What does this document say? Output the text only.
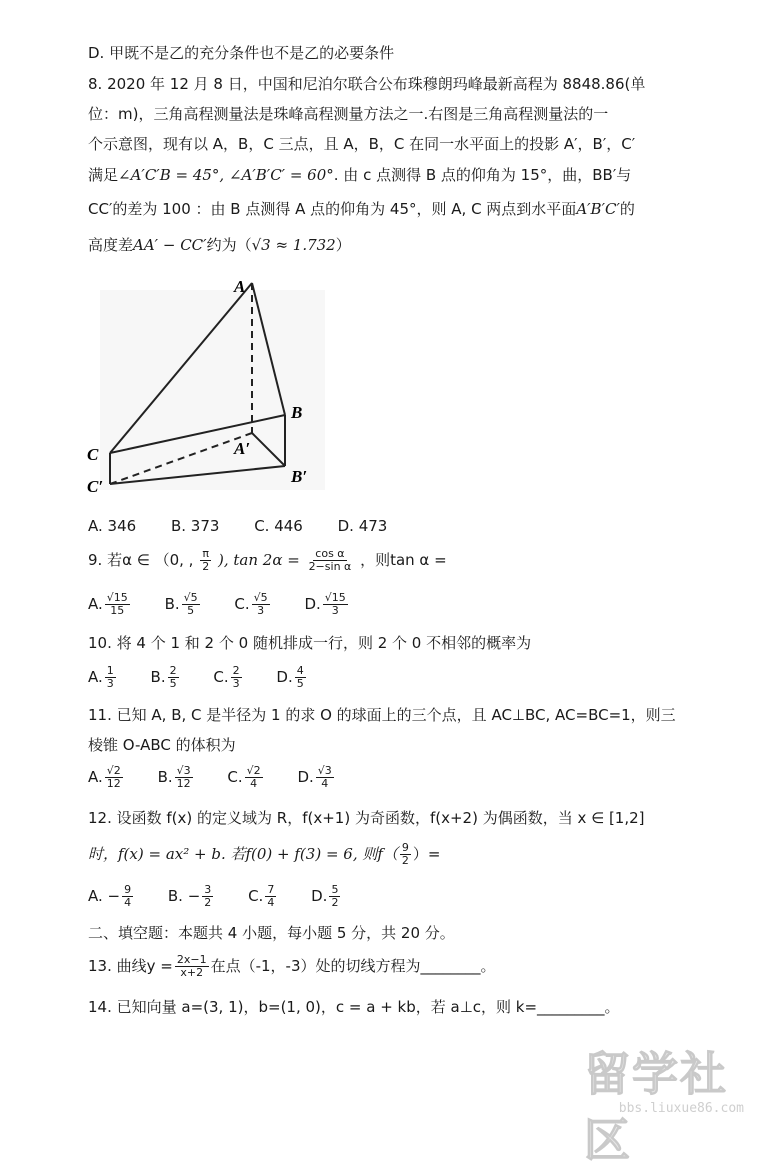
D. 甲既不是乙的充分条件也不是乙的必要条件
8. 2020 年 12 月 8 日，中国和尼泊尔联合公布珠穆朗玛峰最新高程为 8848.86(单
位：m)，三角高程测量法是珠峰高程测量方法之一.右图是三角高程测量法的一
个示意图，现有以 A，B，C 三点，且 A，B，C 在同一水平面上的投影 A′，B′，C′
满足∠A′C′B = 45°, ∠A′B′C′ = 60°. 由 c 点测得 B 点的仰角为 15°，曲，BB′与
CC′的差为 100 ：由 B 点测得 A 点的仰角为 45°，则 A, C 两点到水平面A′B′C′的
高度差AA′ − CC′约为（√3 ≈ 1.732）
A
B
C	A′
C′
B′
A. 346 B. 373 C. 446 D. 473
9. 若α ∈ （0, , $\frac{\pi}{2}$ ), $\tan 2\alpha = \frac{\text{cos α}}{\text{2−sin α}}$ ，则tan α =
A. $\frac{√15}{15} B$. $\frac{√5}{5} C$. $\frac{√5}{3} D$. $\frac{√15}{3}$
10. 将 4 个 1 和 2 个 0 随机排成一行，则 2 个 0 不相邻的概率为
A. $\frac{1}{3} B$. $\frac{2}{5} C$. $\frac{2}{3} D$. $\frac{4}{5}$
11. 已知 A, B, C 是半径为 1 的求 O 的球面上的三个点，且 AC⊥BC, AC=BC=1，则三
棱锥 O-ABC 的体积为
A. $\frac{√2}{12} B$. $\frac{√3}{12} C$. $\frac{√2}{4} D$. $\frac{√3}{4}$
12. 设函数 f(x) 的定义域为 R，f(x+1) 为奇函数，f(x+2) 为偶函数，当 x ∈ [1,2]
时，f(x) = ax² + b. 若f(0) + f(3) = 6, 则$f( \frac{9}{2}$ ）=
A. − $\frac{9}{4} B$. − $\frac{3}{2} C$. $\frac{7}{4} D$. $\frac{5}{2}$
二、填空题：本题共 4 小题，每小题 5 分，共 20 分。
13. 曲线$y = \frac{2x-1}{x+2}$ 在点（-1，-3）处的切线方程为________。
14. 已知向量 a=(3, 1)，b=(1, 0)，c = a + kb，若 a⊥c，则 k=_________。
留学社区
bbs.liuxue86.com
